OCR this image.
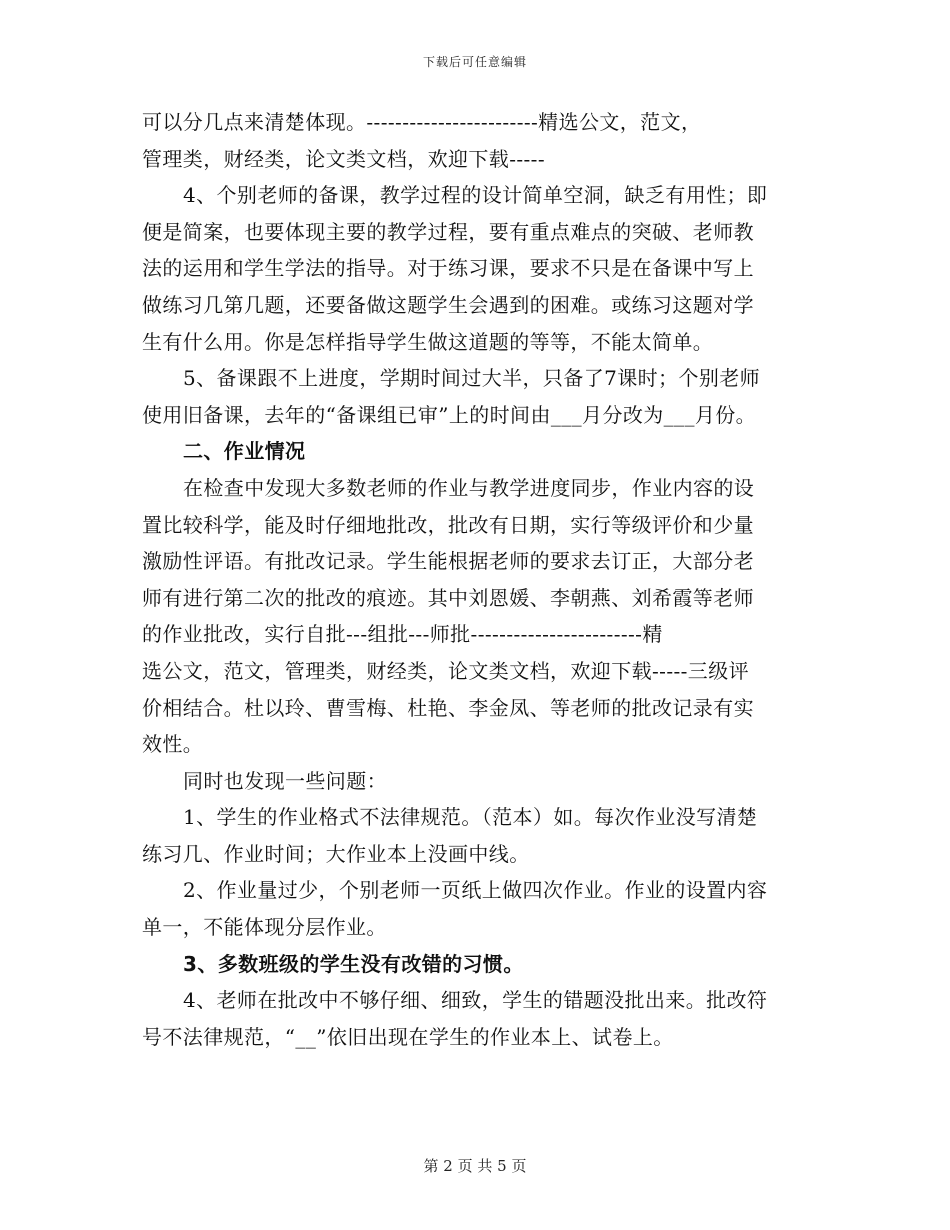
下载后可任意编辑
可以分几点来清楚体现。------------------------精选公文，范文，
管理类，财经类，论文类文档，欢迎下载-----
4、个别老师的备课，教学过程的设计简单空洞，缺乏有用性；即
便是简案，也要体现主要的教学过程，要有重点难点的突破、老师教
法的运用和学生学法的指导。对于练习课，要求不只是在备课中写上
做练习几第几题，还要备做这题学生会遇到的困难。或练习这题对学
生有什么用。你是怎样指导学生做这道题的等等，不能太简单。
5、备课跟不上进度，学期时间过大半，只备了7课时；个别老师
使用旧备课，去年的“备课组已审”上的时间由___月分改为___月份。
二、作业情况
在检查中发现大多数老师的作业与教学进度同步，作业内容的设
置比较科学，能及时仔细地批改，批改有日期，实行等级评价和少量
激励性评语。有批改记录。学生能根据老师的要求去订正，大部分老
师有进行第二次的批改的痕迹。其中刘恩媛、李朝燕、刘希霞等老师
的作业批改，实行自批---组批---师批------------------------精
选公文，范文，管理类，财经类，论文类文档，欢迎下载-----三级评
价相结合。杜以玲、曹雪梅、杜艳、李金凤、等老师的批改记录有实
效性。
同时也发现一些问题：
1、学生的作业格式不法律规范。（范本）如。每次作业没写清楚
练习几、作业时间；大作业本上没画中线。
2、作业量过少，个别老师一页纸上做四次作业。作业的设置内容
单一，不能体现分层作业。
3、多数班级的学生没有改错的习惯。
4、老师在批改中不够仔细、细致，学生的错题没批出来。批改符
号不法律规范，“__”依旧出现在学生的作业本上、试卷上。
第 2 页 共 5 页
